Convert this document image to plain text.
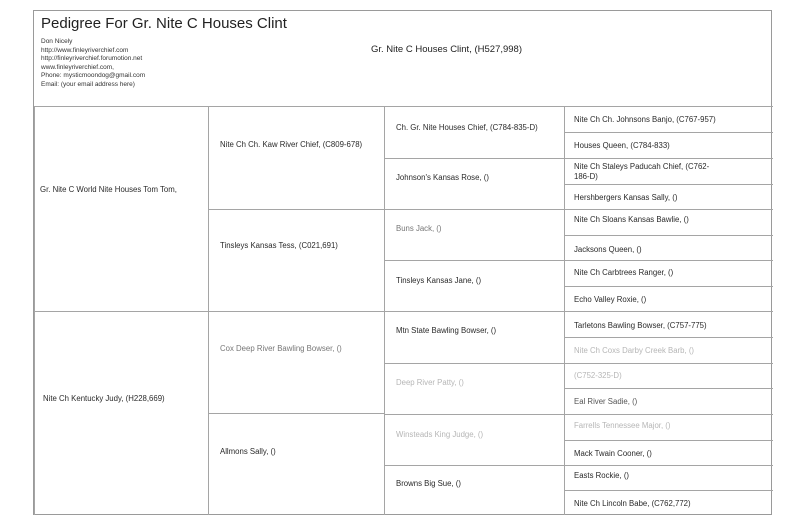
Pedigree For Gr. Nite C Houses Clint
Don Nicely
http://www.finleyriverchief.com
http://finleyriverchief.forumotion.net
www.finleyriverchief.com,
Phone: mysticmoondog@gmail.com
Email: (your email address here)
Gr. Nite C Houses Clint, (H527,998)
Gr. Nite C World Nite Houses Tom Tom,
Nite Ch Kentucky Judy, (H228,669)
Nite Ch Ch. Kaw River Chief, (C809-678)
Tinsleys Kansas Tess, (C021,691)
Cox Deep River Bawling Bowser, ()
Allmons Sally, ()
Ch. Gr. Nite Houses Chief, (C784-835-D)
Johnson's Kansas Rose, ()
Buns Jack, ()
Tinsleys Kansas Jane, ()
Mtn State Bawling Bowser, ()
Deep River Patty, ()
Winsteads King Judge, ()
Browns Big Sue, ()
Nite Ch Ch. Johnsons Banjo, (C767-957)
Houses Queen, (C784-833)
Nite Ch Staleys Paducah Chief, (C762-
186-D)
Hershbergers Kansas Sally, ()
Nite Ch Sloans Kansas Bawlie, ()
Jacksons Queen, ()
Nite Ch Carbtrees Ranger, ()
Echo Valley Roxie, ()
Tarletons Bawling Bowser, (C757-775)
Nite Ch Coxs Darby Creek Barb, ()
(C752-325-D)
Eal River Sadie, ()
Farrells Tennessee Major, ()
Mack Twain Cooner, ()
Easts Rockie, ()
Nite Ch Lincoln Babe, (C762,772)
